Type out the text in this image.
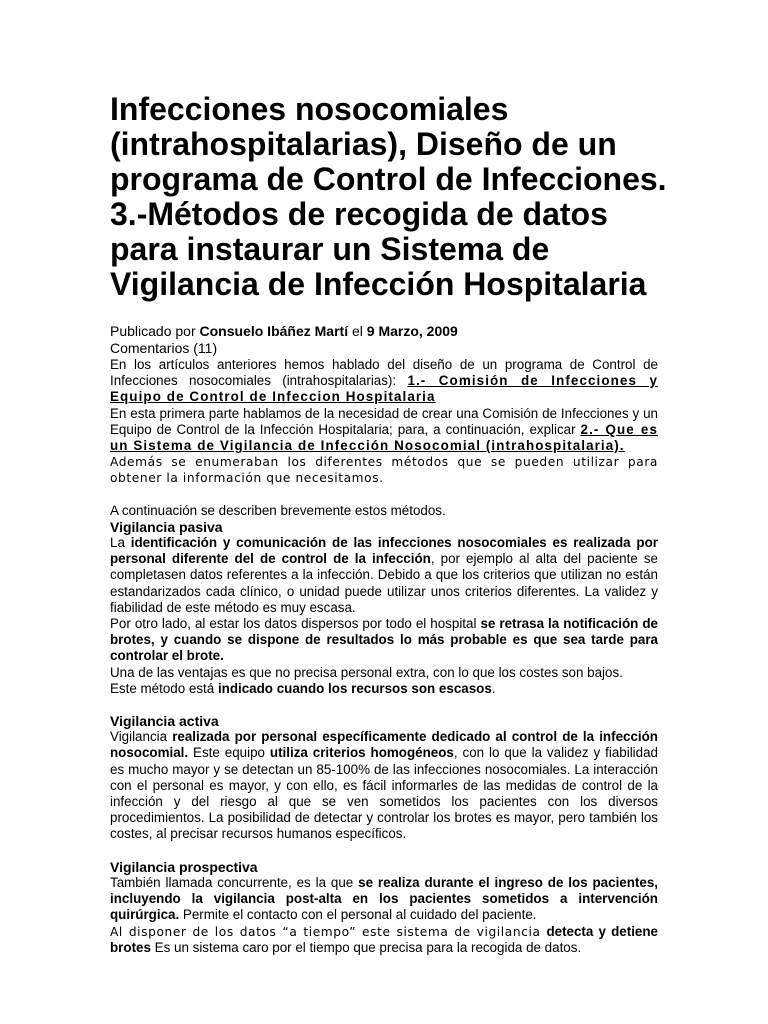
Infecciones nosocomiales
(intrahospitalarias), Diseño de un
programa de Control de Infecciones.
3.-Métodos de recogida de datos
para instaurar un Sistema de
Vigilancia de Infección Hospitalaria
Publicado por Consuelo Ibáñez Martí el 9 Marzo, 2009
Comentarios (11)

En los artículos anteriores hemos hablado del diseño de un programa de Control de Infecciones nosocomiales (intrahospitalarias): 1.- Comisión de Infecciones y Equipo de Control de Infeccion Hospitalaria

En esta primera parte hablamos de la necesidad de crear una Comisión de Infecciones y un Equipo de Control de la Infección Hospitalaria; para, a continuación, explicar 2.- Que es un Sistema de Vigilancia de Infección Nosocomial (intrahospitalaria).

Además se enumeraban los diferentes métodos que se pueden utilizar para obtener la información que necesitamos.

A continuación se describen brevemente estos métodos.

Vigilancia pasiva

La identificación y comunicación de las infecciones nosocomiales es realizada por personal diferente del de control de la infección, por ejemplo al alta del paciente se completasen datos referentes a la infección. Debido a que los criterios que utilizan no están estandarizados cada clínico, o unidad puede utilizar unos criterios diferentes. La validez y fiabilidad de este método es muy escasa.

Por otro lado, al estar los datos dispersos por todo el hospital se retrasa la notificación de brotes, y cuando se dispone de resultados lo más probable es que sea tarde para controlar el brote.

Una de las ventajas es que no precisa personal extra, con lo que los costes son bajos.

Este método está indicado cuando los recursos son escasos.

Vigilancia activa

Vigilancia realizada por personal específicamente dedicado al control de la infección nosocomial. Este equipo utiliza criterios homogéneos, con lo que la validez y fiabilidad es mucho mayor y se detectan un 85-100% de las infecciones nosocomiales. La interacción con el personal es mayor, y con ello, es fácil informarles de las medidas de control de la infección y del riesgo al que se ven sometidos los pacientes con los diversos procedimientos. La posibilidad de detectar y controlar los brotes es mayor, pero también los costes, al precisar recursos humanos específicos.

Vigilancia prospectiva

También llamada concurrente, es la que se realiza durante el ingreso de los pacientes, incluyendo la vigilancia post-alta en los pacientes sometidos a intervención quirúrgica. Permite el contacto con el personal al cuidado del paciente.

Al disponer de los datos “a tiempo” este sistema de vigilancia detecta y detiene brotes Es un sistema caro por el tiempo que precisa para la recogida de datos.
